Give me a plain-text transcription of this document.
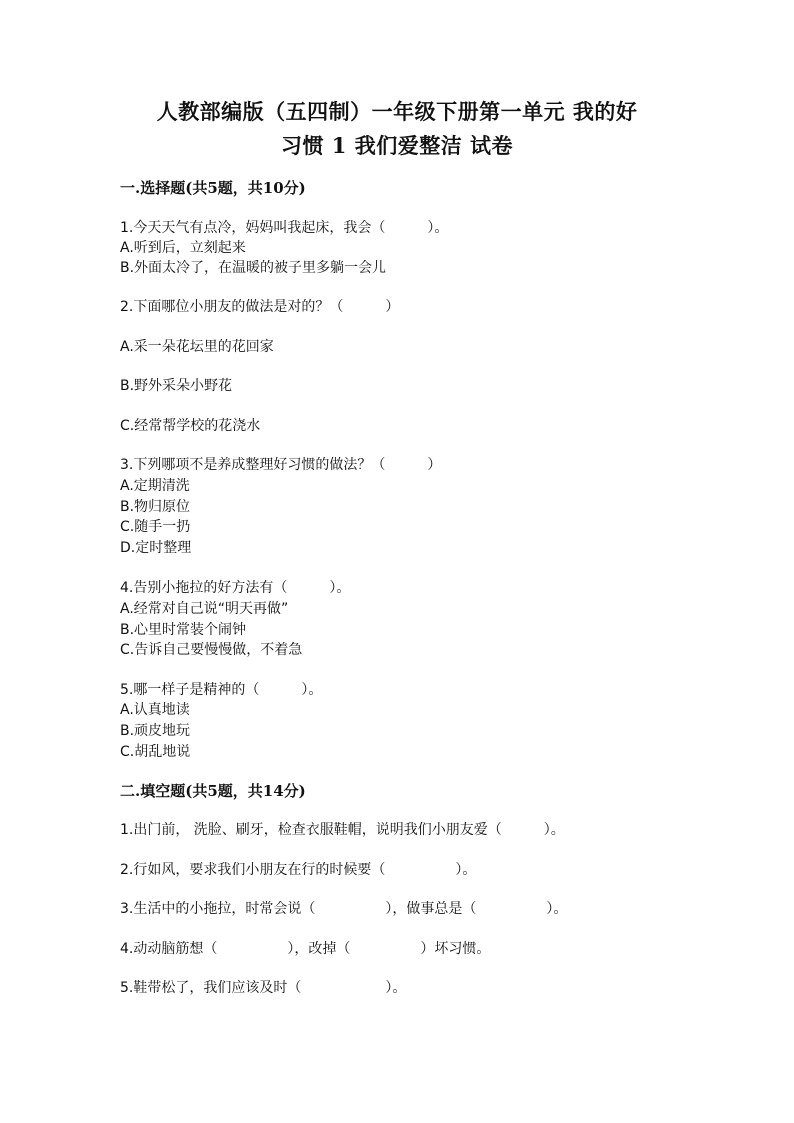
人教部编版（五四制）一年级下册第一单元 我的好
习惯 1 我们爱整洁 试卷
一.选择题(共5题，共10分)
1.今天天气有点冷，妈妈叫我起床，我会（　　　）。
A.听到后，立刻起来
B.外面太冷了，在温暖的被子里多躺一会儿
2.下面哪位小朋友的做法是对的？（　　　）
A.采一朵花坛里的花回家
B.野外采朵小野花
C.经常帮学校的花浇水
3.下列哪项不是养成整理好习惯的做法？（　　　）
A.定期清洗
B.物归原位
C.随手一扔
D.定时整理
4.告别小拖拉的好方法有（　　　）。
A.经常对自己说“明天再做”
B.心里时常装个闹钟
C.告诉自己要慢慢做，不着急
5.哪一样子是精神的（　　　）。
A.认真地读
B.顽皮地玩
C.胡乱地说
二.填空题(共5题，共14分)
1.出门前， 洗脸、刷牙，检查衣服鞋帽，说明我们小朋友爱（　　　）。
2.行如风，要求我们小朋友在行的时候要（　　　　　）。
3.生活中的小拖拉，时常会说（　　　　　），做事总是（　　　　　）。
4.动动脑筋想（　　　　　），改掉（　　　　　）坏习惯。
5.鞋带松了，我们应该及时（　　　　　　）。
